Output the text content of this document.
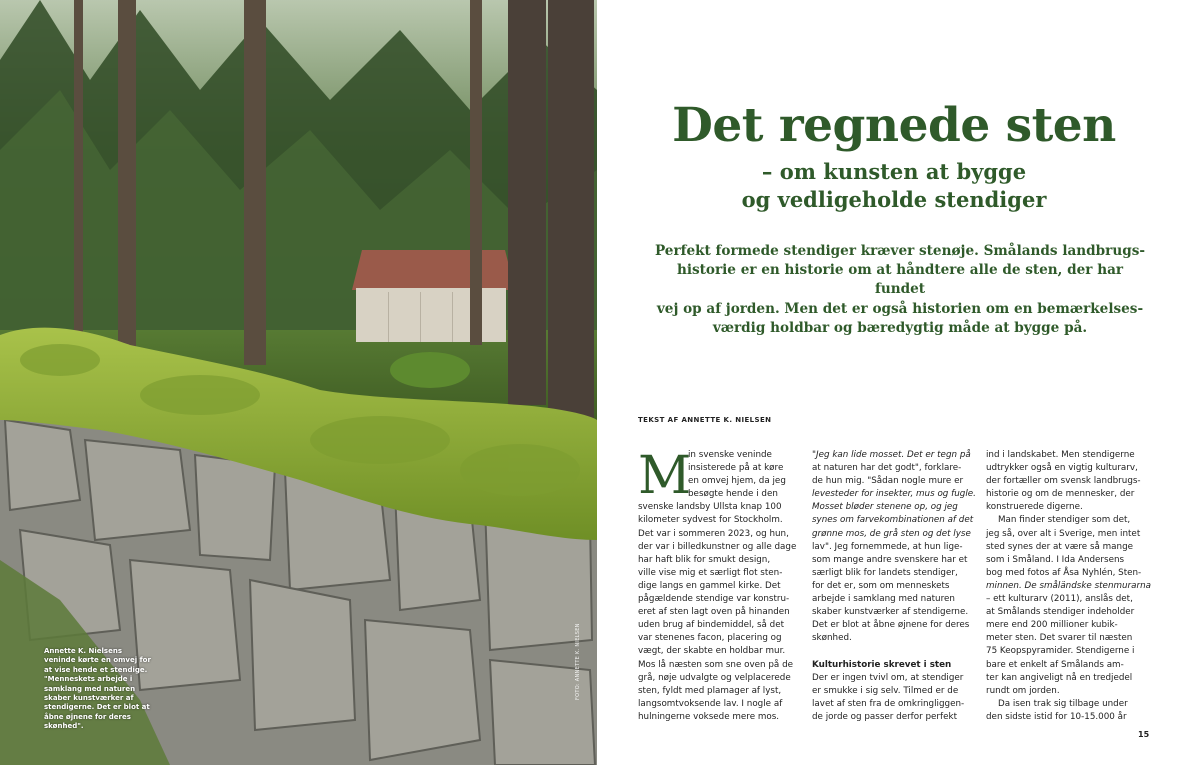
Annette K. Nielsens veninde kørte en omvej for at vise hende et stendige. "Menneskets arbejde i samklang med naturen skaber kunstværker af stendigerne. Det er blot at åbne øjnene for deres skønhed".

FOTO: ANNETTE K. NIELSEN
Det regnede sten
– om kunsten at bygge
og vedligeholde stendiger

Perfekt formede stendiger kræver stenøje. Smålands landbrugs-
historie er en historie om at håndtere alle de sten, der har fundet
vej op af jorden. Men det er også historien om en bemærkelses-
værdig holdbar og bæredygtig måde at bygge på.

TEKST AF ANNETTE K. NIELSEN

M

in svenske veninde

insisterede på at køre

en omvej hjem, da jeg

besøgte hende i den

svenske landsby Ullsta knap 100

kilometer sydvest for Stockholm.

Det var i sommeren 2023, og hun,

der var i billedkunstner og alle dage

har haft blik for smukt design,

ville vise mig et særligt flot sten-

dige langs en gammel kirke. Det

pågældende stendige var konstru-

eret af sten lagt oven på hinanden

uden brug af bindemiddel, så det

var stenenes facon, placering og

vægt, der skabte en holdbar mur.

Mos lå næsten som sne oven på de

grå, nøje udvalgte og velplacerede

sten, fyldt med plamager af lyst,

langsomtvoksende lav. I nogle af

hulningerne voksede mere mos.

"Jeg kan lide mosset. Det er tegn på

at naturen har det godt", forklare-

de hun mig. "Sådan nogle mure er

levesteder for insekter, mus og fugle.

Mosset bløder stenene op, og jeg

synes om farvekombinationen af det

grønne mos, de grå sten og det lyse

lav". Jeg fornemmede, at hun lige-

som mange andre svenskere har et

særligt blik for landets stendiger,

for det er, som om menneskets

arbejde i samklang med naturen

skaber kunstværker af stendigerne.

Det er blot at åbne øjnene for deres

skønhed.

Kulturhistorie skrevet i sten

Der er ingen tvivl om, at stendiger

er smukke i sig selv. Tilmed er de

lavet af sten fra de omkringliggen-

de jorde og passer derfor perfekt

ind i landskabet. Men stendigerne

udtrykker også en vigtig kulturarv,

der fortæller om svensk landbrugs-

historie og om de mennesker, der

konstruerede digerne.

Man finder stendiger som det,

jeg så, over alt i Sverige, men intet

sted synes der at være så mange

som i Småland. I Ida Andersens

bog med fotos af Åsa Nyhlén, Sten-

minnen. De småländske stenmurarna

– ett kulturarv (2011), anslås det,

at Smålands stendiger indeholder

mere end 200 millioner kubik-

meter sten. Det svarer til næsten

75 Keopspyramider. Stendigerne i

bare et enkelt af Smålands am-

ter kan angiveligt nå en tredjedel

rundt om jorden.

Da isen trak sig tilbage under

den sidste istid for 10-15.000 år

15
